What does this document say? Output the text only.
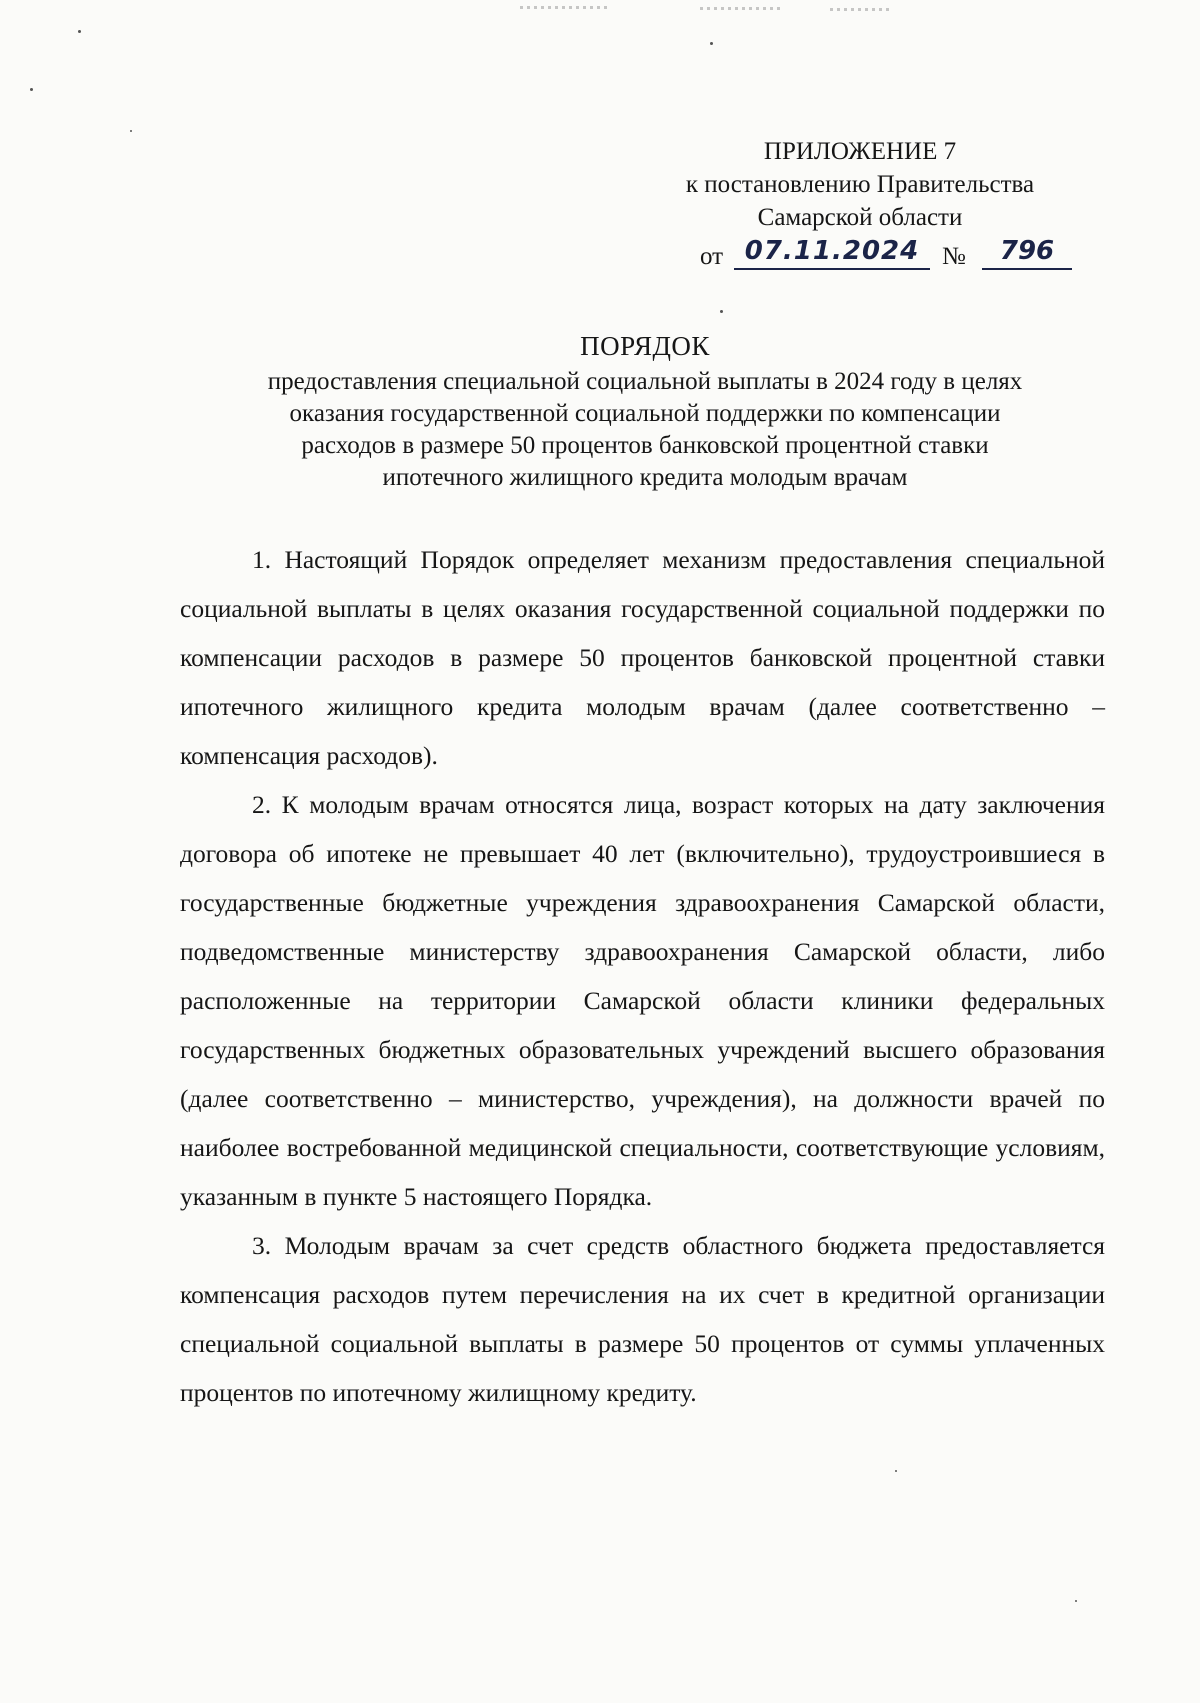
ПРИЛОЖЕНИЕ 7
к постановлению Правительства
Самарской области
от 07.11.2024 №	796
ПОРЯДОК
предоставления специальной социальной выплаты в 2024 году в целях
оказания государственной социальной поддержки по компенсации
расходов в размере 50 процентов банковской процентной ставки
ипотечного жилищного кредита молодым врачам

1. Настоящий Порядок определяет механизм предоставления специальной социальной выплаты в целях оказания государственной социальной поддержки по компенсации расходов в размере 50 процентов банковской процентной ставки ипотечного жилищного кредита молодым врачам (далее соответственно – компенсация расходов).

2. К молодым врачам относятся лица, возраст которых на дату заключения договора об ипотеке не превышает 40 лет (включительно), трудоустроившиеся в государственные бюджетные учреждения здравоохранения Самарской области, подведомственные министерству здравоохранения Самарской области, либо расположенные на территории Самарской области клиники федеральных государственных бюджетных образовательных учреждений высшего образования (далее соответственно – министерство, учреждения), на должности врачей по наиболее востребованной медицинской специальности, соответствующие условиям, указанным в пункте 5 настоящего Порядка.

3. Молодым врачам за счет средств областного бюджета предоставляется компенсация расходов путем перечисления на их счет в кредитной организации специальной социальной выплаты в размере 50 процентов от суммы уплаченных процентов по ипотечному жилищному кредиту.
